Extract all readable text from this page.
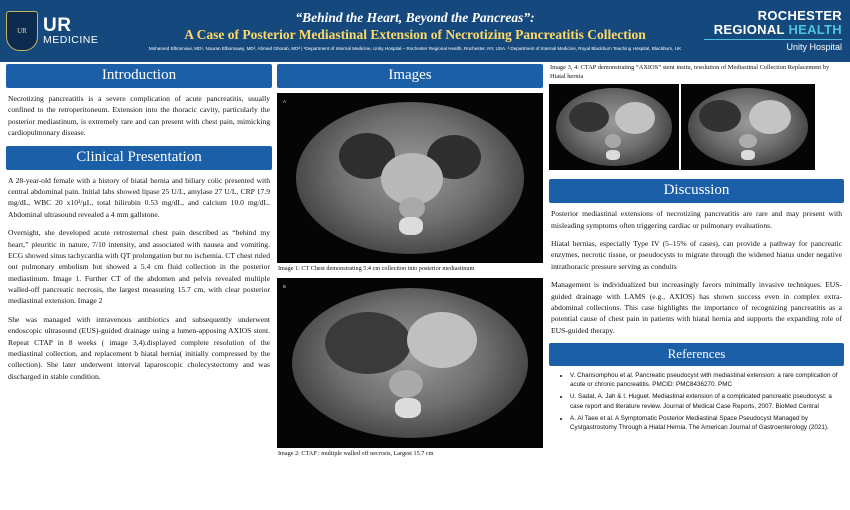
UR UR
MEDICINE
“Behind the Heart, Beyond the Pancreas”:
A Case of Posterior Mediastinal Extension of Necrotizing Pancreatitis Collection
Mohamed Elbonnawi, MD¹, Nouran Elbonnawy, MD², Ahmed Ghorab, MD² | ¹Department of Internal Medicine, Unity Hospital – Rochester Regional Health, Rochester, NY, USA. ² Department of Internal Medicine, Royal Blackburn Teaching Hospital, Blackburn, UK
ROCHESTER
REGIONAL HEALTH
Unity Hospital
Introduction
Necrotizing pancreatitis is a severe complication of acute pancreatitis, usually confined to the retroperitoneum. Extension into the thoracic cavity, particularly the posterior mediastinum, is extremely rare and can present with chest pain, mimicking cardiopulmonary disease.
Clinical Presentation
A 28-year-old female with a history of hiatal hernia and biliary colic presented with central abdominal pain. Initial labs showed lipase 25 U/L, amylase 27 U/L, CRP 17.9 mg/dL, WBC 20 x10³/µL, total bilirubin 0.53 mg/dL, and calcium 10.0 mg/dL. Abdominal ultrasound revealed a 4 mm gallstone.
Overnight, she developed acute retrosternal chest pain described as “behind my heart,” pleuritic in nature, 7/10 intensity, and associated with nausea and vomiting. ECG showed sinus tachycardia with QT prolongation but no ischemia. CT chest ruled out pulmonary embolism but showed a 5.4 cm fluid collection in the posterior mediastinum. Image 1. Further CT of the abdomen and pelvis revealed multiple walled-off pancreatic necrosis, the largest measuring 15.7 cm, with clear posterior mediastinal extension. Image 2
She was managed with intravenous antibiotics and subsequently underwent endoscopic ultrasound (EUS)-guided drainage using a lumen-apposing AXIOS stent. Repeat CTAP in 8 weeks ( image 3,4).displayed complete resolution of the mediastinal collection, and replacement b hiatal hernia( initially compressed by the collection). She later underwent interval laparoscopic cholecystectomy and was discharged in stable condition.
Images
A
Image 1: CT Chest demonstrating 5.4 cm collection into posterior mediastinum
B
Image 2: CTAP : multiple walled off necrosis, Largest 15.7 cm
Image 3, 4: CTAP demonstrating “AXIOS” stent insitu, resolution of Mediastinal Collection Replacement by Hiatal hernia
Discussion
Posterior mediastinal extensions of necrotizing pancreatitis are rare and may present with misleading symptoms often triggering cardiac or pulmonary evaluations.
Hiatal hernias, especially Type IV (5–15% of cases), can provide a pathway for pancreatic enzymes, necrotic tissue, or pseudocysts to migrate through the widened hiatus under negative intrathoracic pressure serving as conduits
Management is individualized but increasingly favors minimally invasive techniques. EUS-guided drainage with LAMS (e.g., AXIOS) has shown success even in complex extra-abdominal collections. This case highlights the importance of recognizing pancreatitis as a potential cause of chest pain in patients with hiatal hernia and supports the expanding role of EUS-guided therapy.
References
• V. Chansomphou et al. Pancreatic pseudocyst with mediastinal extension: a rare complication of acute or chronic pancreatitis. PMCID: PMC8436270. PMC
• U. Sadat, A. Jah & I. Huguet. Mediastinal extension of a complicated pancreatic pseudocyst: a case report and literature review. Journal of Medical Case Reports, 2007. BioMed Central
• A. Al Taee et al. A Symptomatic Posterior Mediastinal Space Pseudocyst Managed by Cystgastrostomy Through a Hiatal Hernia. The American Journal of Gastroenterology (2021).
